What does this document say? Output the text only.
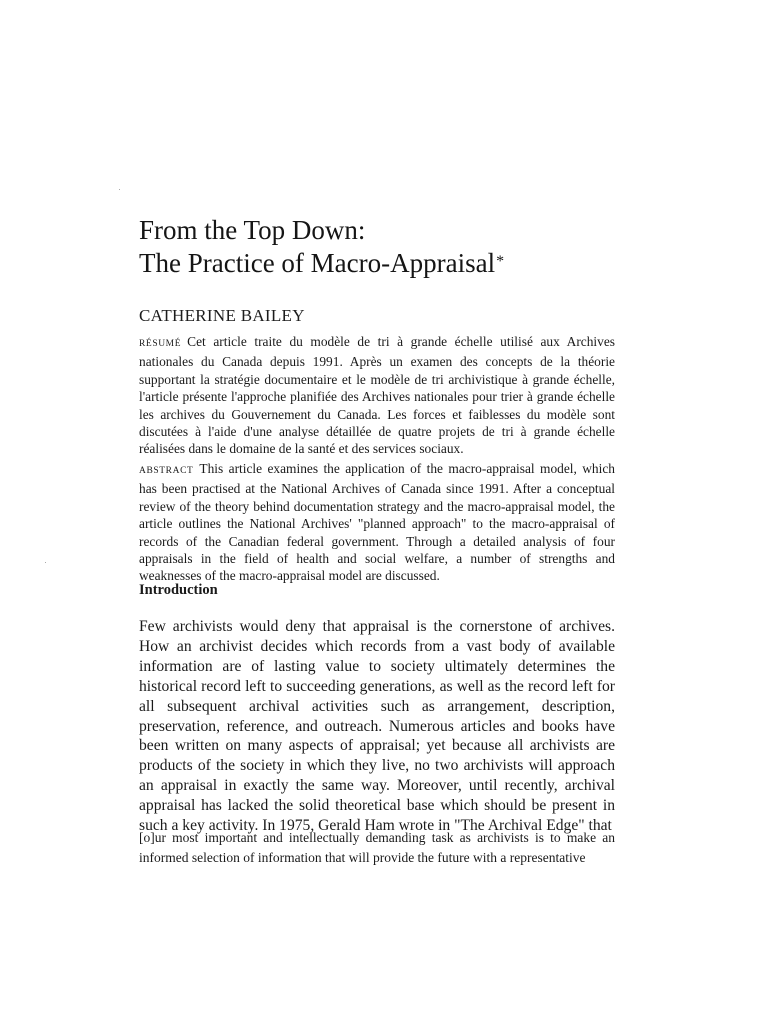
From the Top Down:
The Practice of Macro-Appraisal*
CATHERINE BAILEY

RÉSUMÉ Cet article traite du modèle de tri à grande échelle utilisé aux Archives nationales du Canada depuis 1991. Après un examen des concepts de la théorie supportant la stratégie documentaire et le modèle de tri archivistique à grande échelle, l'article présente l'approche planifiée des Archives nationales pour trier à grande échelle les archives du Gouvernement du Canada. Les forces et faiblesses du modèle sont discutées à l'aide d'une analyse détaillée de quatre projets de tri à grande échelle réalisées dans le domaine de la santé et des services sociaux.

ABSTRACT This article examines the application of the macro-appraisal model, which has been practised at the National Archives of Canada since 1991. After a conceptual review of the theory behind documentation strategy and the macro-appraisal model, the article outlines the National Archives' "planned approach" to the macro-appraisal of records of the Canadian federal government. Through a detailed analysis of four appraisals in the field of health and social welfare, a number of strengths and weaknesses of the macro-appraisal model are discussed.

Introduction

Few archivists would deny that appraisal is the cornerstone of archives. How an archivist decides which records from a vast body of available information are of lasting value to society ultimately determines the historical record left to succeeding generations, as well as the record left for all subsequent archival activities such as arrangement, description, preservation, reference, and outreach. Numerous articles and books have been written on many aspects of appraisal; yet because all archivists are products of the society in which they live, no two archivists will approach an appraisal in exactly the same way. Moreover, until recently, archival appraisal has lacked the solid theoretical base which should be present in such a key activity. In 1975, Gerald Ham wrote in "The Archival Edge" that

[o]ur most important and intellectually demanding task as archivists is to make an informed selection of information that will provide the future with a representative
